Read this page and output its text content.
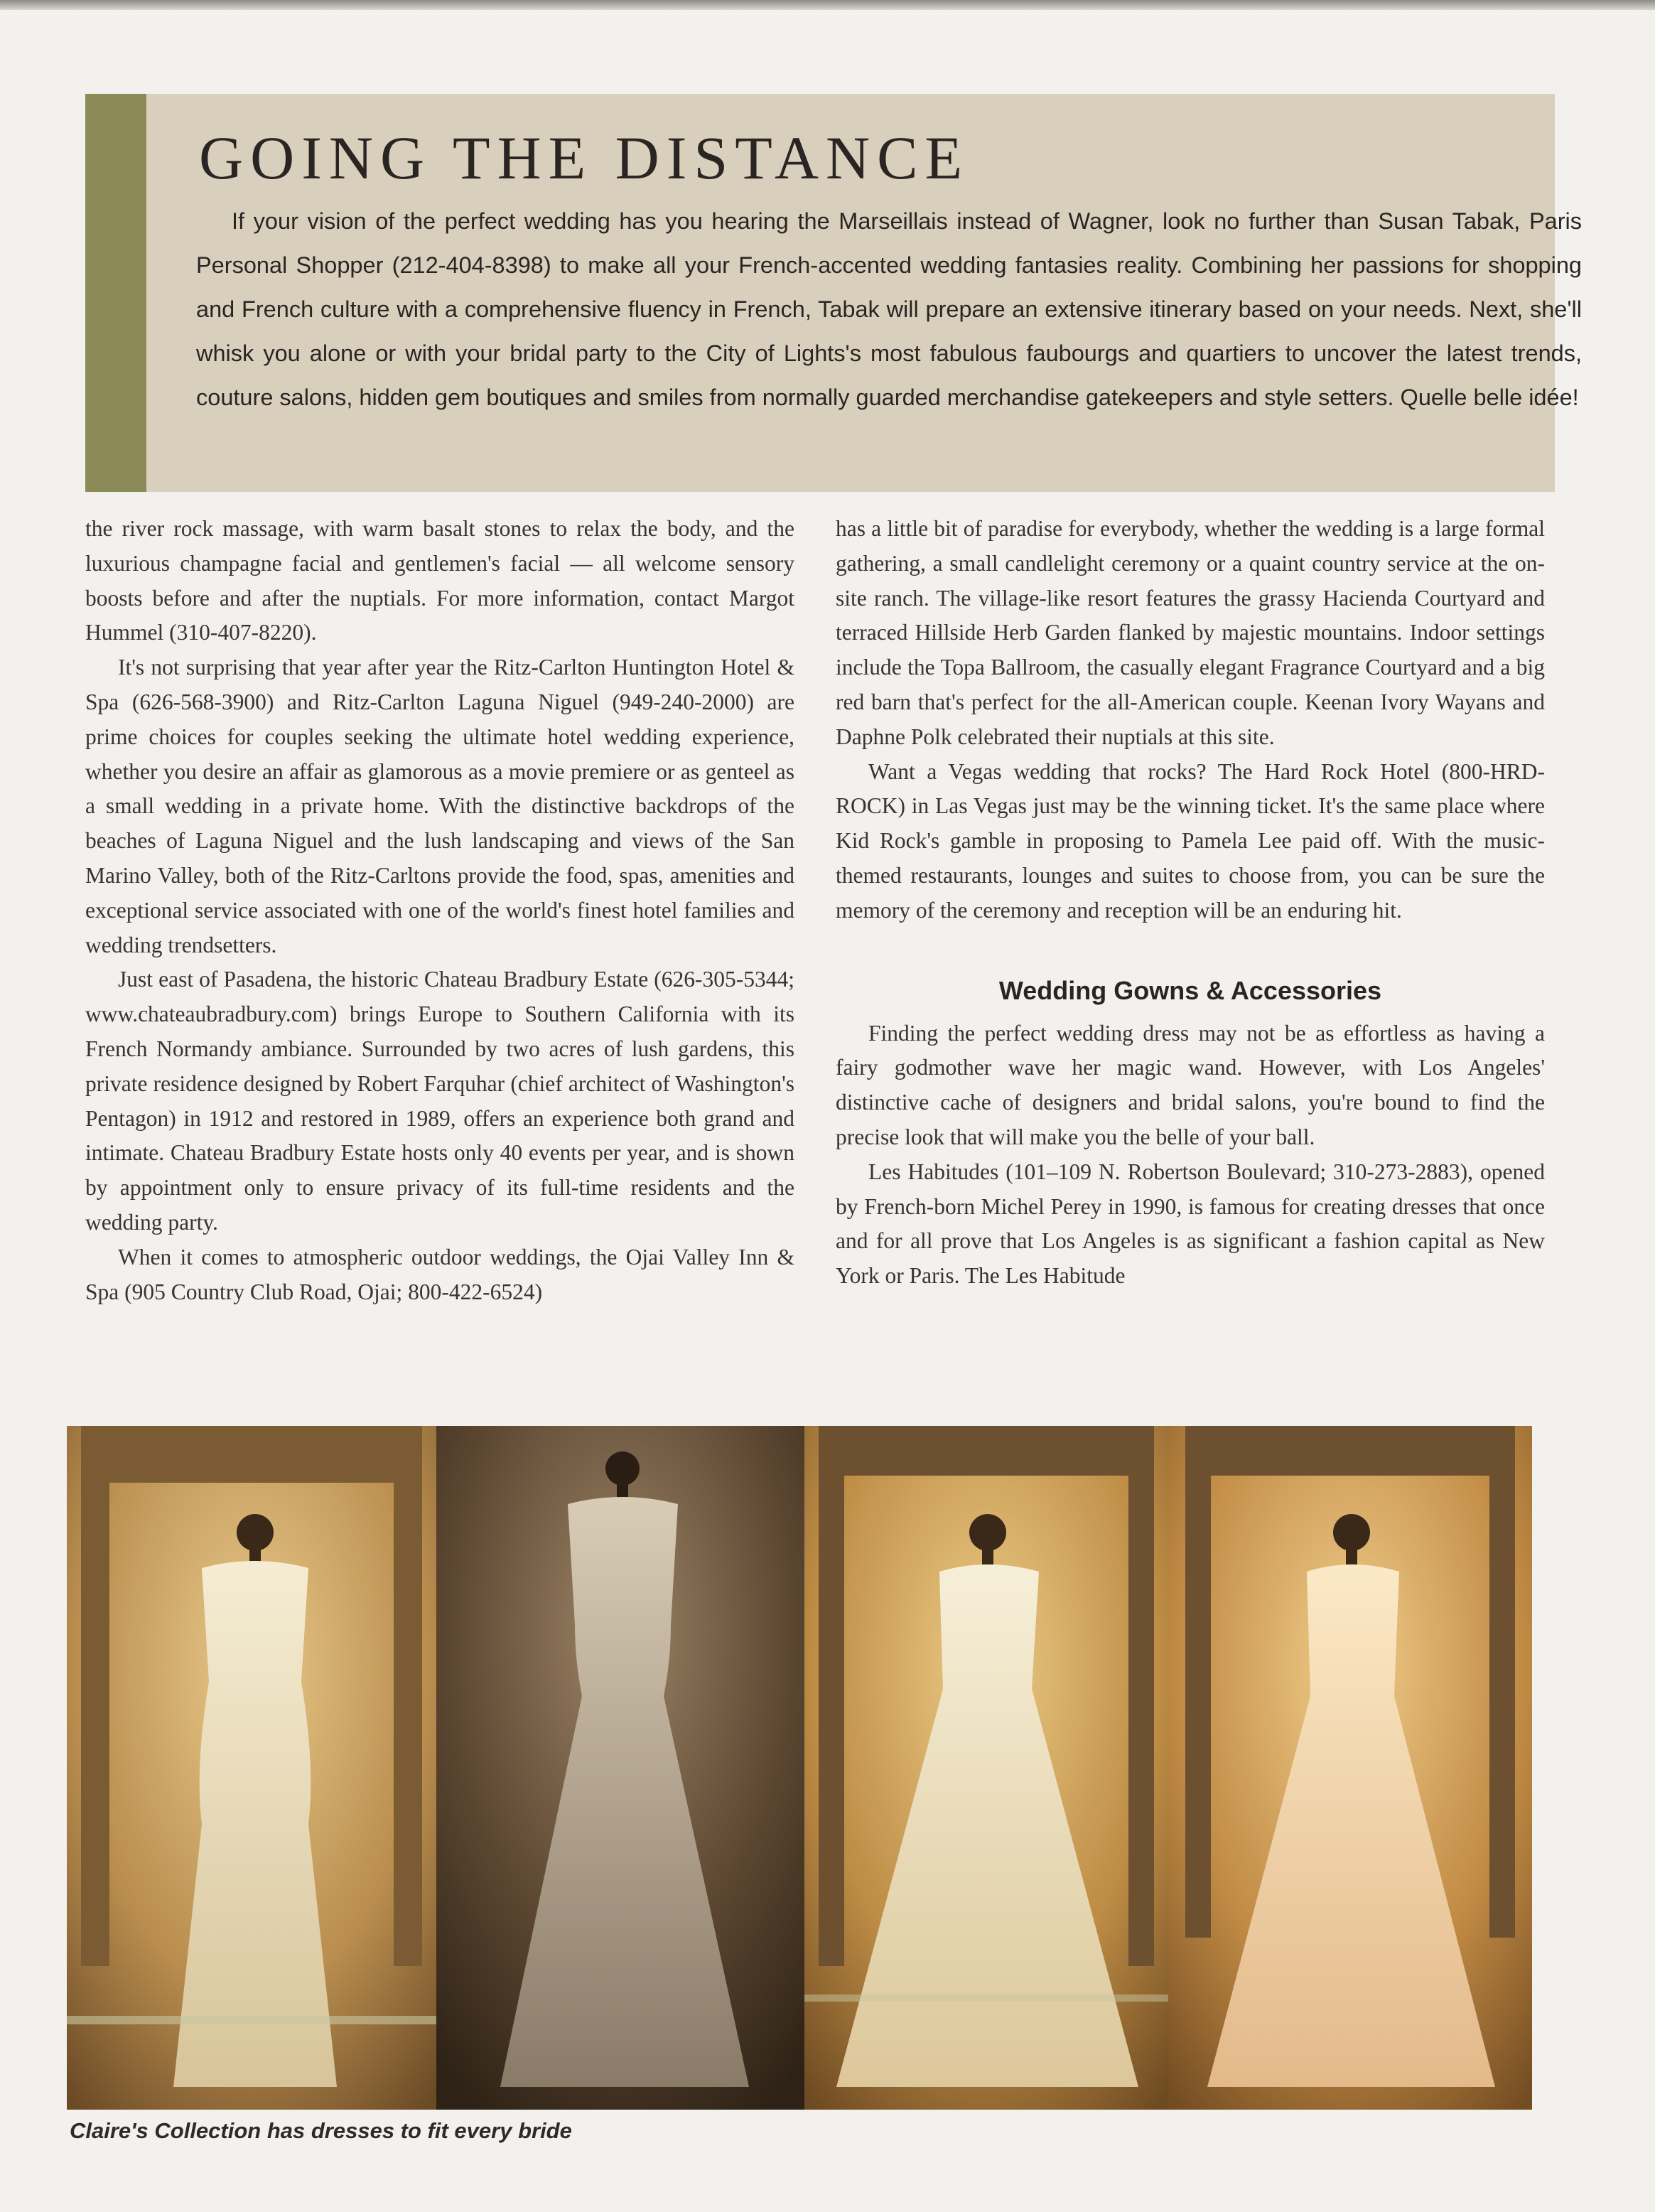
GOING THE DISTANCE

If your vision of the perfect wedding has you hearing the Marseillais instead of Wagner, look no further than Susan Tabak, Paris Personal Shopper (212-404-8398) to make all your French-accented wedding fantasies reality. Combining her passions for shopping and French culture with a comprehensive fluency in French, Tabak will prepare an extensive itinerary based on your needs. Next, she'll whisk you alone or with your bridal party to the City of Lights's most fabulous faubourgs and quartiers to uncover the latest trends, couture salons, hidden gem boutiques and smiles from normally guarded merchandise gatekeepers and style setters. Quelle belle idée!

the river rock massage, with warm basalt stones to relax the body, and the luxurious champagne facial and gentlemen's facial — all welcome sensory boosts before and after the nuptials. For more information, contact Margot Hummel (310-407-8220).

It's not surprising that year after year the Ritz-Carlton Huntington Hotel & Spa (626-568-3900) and Ritz-Carlton Laguna Niguel (949-240-2000) are prime choices for couples seeking the ultimate hotel wedding experience, whether you desire an affair as glamorous as a movie premiere or as genteel as a small wedding in a private home. With the distinctive backdrops of the beaches of Laguna Niguel and the lush landscaping and views of the San Marino Valley, both of the Ritz-Carltons provide the food, spas, amenities and exceptional service associated with one of the world's finest hotel families and wedding trendsetters.

Just east of Pasadena, the historic Chateau Bradbury Estate (626-305-5344; www.chateaubradbury.com) brings Europe to Southern California with its French Normandy ambiance. Surrounded by two acres of lush gardens, this private residence designed by Robert Farquhar (chief architect of Washington's Pentagon) in 1912 and restored in 1989, offers an experience both grand and intimate. Chateau Bradbury Estate hosts only 40 events per year, and is shown by appointment only to ensure privacy of its full-time residents and the wedding party.

When it comes to atmospheric outdoor weddings, the Ojai Valley Inn & Spa (905 Country Club Road, Ojai; 800-422-6524)

has a little bit of paradise for everybody, whether the wedding is a large formal gathering, a small candlelight ceremony or a quaint country service at the on-site ranch. The village-like resort features the grassy Hacienda Courtyard and terraced Hillside Herb Garden flanked by majestic mountains. Indoor settings include the Topa Ballroom, the casually elegant Fragrance Courtyard and a big red barn that's perfect for the all-American couple. Keenan Ivory Wayans and Daphne Polk celebrated their nuptials at this site.

Want a Vegas wedding that rocks? The Hard Rock Hotel (800-HRD-ROCK) in Las Vegas just may be the winning ticket. It's the same place where Kid Rock's gamble in proposing to Pamela Lee paid off. With the music-themed restaurants, lounges and suites to choose from, you can be sure the memory of the ceremony and reception will be an enduring hit.

Wedding Gowns & Accessories

Finding the perfect wedding dress may not be as effortless as having a fairy godmother wave her magic wand. However, with Los Angeles' distinctive cache of designers and bridal salons, you're bound to find the precise look that will make you the belle of your ball.

Les Habitudes (101–109 N. Robertson Boulevard; 310-273-2883), opened by French-born Michel Perey in 1990, is famous for creating dresses that once and for all prove that Los Angeles is as significant a fashion capital as New York or Paris. The Les Habitude

Claire's Collection has dresses to fit every bride
